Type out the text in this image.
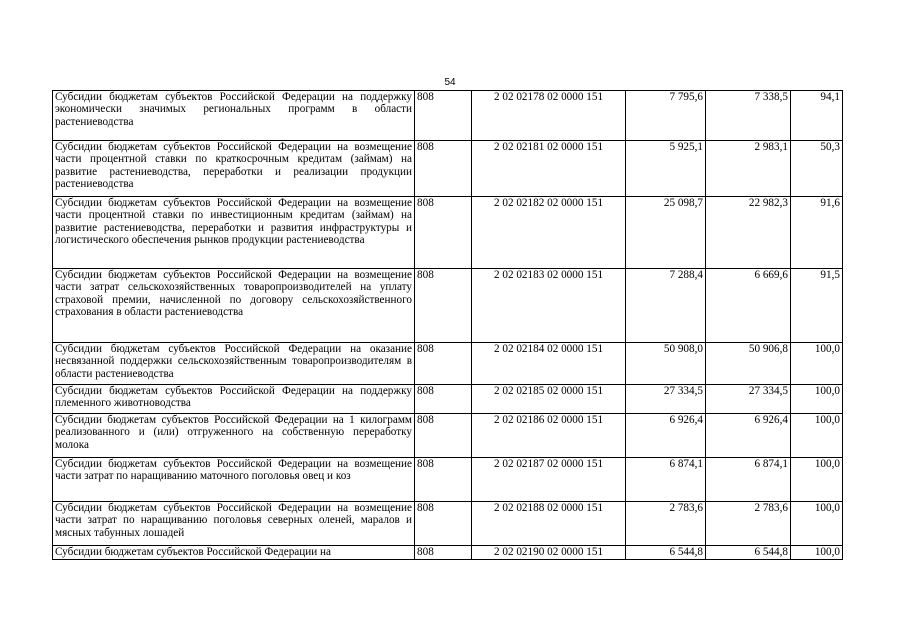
54
Субсидии бюджетам субъектов Российской Федерации на поддержку экономически значимых региональных программ в области растениеводства	808	2 02 02178 02 0000 151	7 795,6	7 338,5	94,1
Субсидии бюджетам субъектов Российской Федерации на возмещение части процентной ставки по краткосрочным кредитам (займам) на развитие растениеводства, переработки и реализации продукции растениеводства	808	2 02 02181 02 0000 151	5 925,1	2 983,1	50,3
Субсидии бюджетам субъектов Российской Федерации на возмещение части процентной ставки по инвестиционным кредитам (займам) на развитие растениеводства, переработки и развития инфраструктуры и логистического обеспечения рынков продукции растениеводства	808	2 02 02182 02 0000 151	25 098,7	22 982,3	91,6
Субсидии бюджетам субъектов Российской Федерации на возмещение части затрат сельскохозяйственных товаропроизводителей на уплату страховой премии, начисленной по договору сельскохозяйственного страхования в области растениеводства	808	2 02 02183 02 0000 151	7 288,4	6 669,6	91,5
Субсидии бюджетам субъектов Российской Федерации на оказание несвязанной поддержки сельскохозяйственным товаропроизводителям в области растениеводства	808	2 02 02184 02 0000 151	50 908,0	50 906,8	100,0
Субсидии бюджетам субъектов Российской Федерации на поддержку племенного животноводства	808	2 02 02185 02 0000 151	27 334,5	27 334,5	100,0
Субсидии бюджетам субъектов Российской Федерации на 1 килограмм реализованного и (или) отгруженного на собственную переработку молока	808	2 02 02186 02 0000 151	6 926,4	6 926,4	100,0
Субсидии бюджетам субъектов Российской Федерации на возмещение части затрат по наращиванию маточного поголовья овец и коз	808	2 02 02187 02 0000 151	6 874,1	6 874,1	100,0
Субсидии бюджетам субъектов Российской Федерации на возмещение части затрат по наращиванию поголовья северных оленей, маралов и мясных табунных лошадей	808	2 02 02188 02 0000 151	2 783,6	2 783,6	100,0
Субсидии бюджетам субъектов Российской Федерации на	808	2 02 02190 02 0000 151	6 544,8	6 544,8	100,0
